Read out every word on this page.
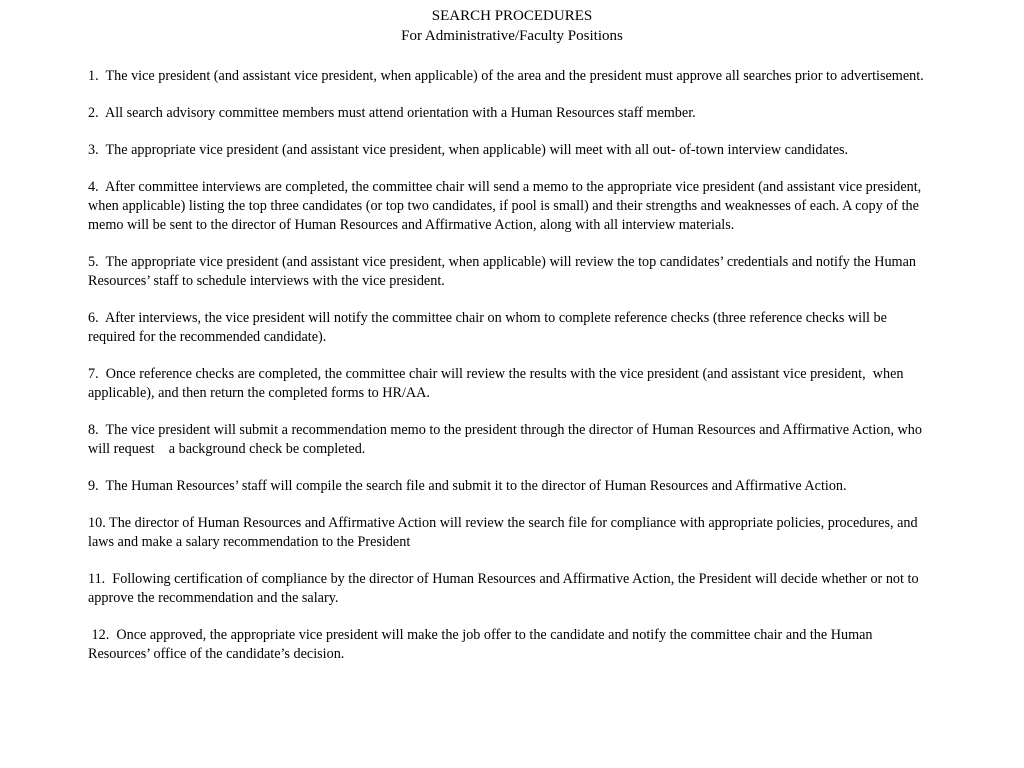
SEARCH PROCEDURES
For Administrative/Faculty Positions
1.  The vice president (and assistant vice president, when applicable) of the area and the president must approve all searches prior to advertisement.
2.  All search advisory committee members must attend orientation with a Human Resources staff member.
3.  The appropriate vice president (and assistant vice president, when applicable) will meet with all out- of-town interview candidates.
4.  After committee interviews are completed, the committee chair will send a memo to the appropriate vice president (and assistant vice president, when applicable) listing the top three candidates (or top two candidates, if pool is small) and their strengths and weaknesses of each. A copy of the memo will be sent to the director of Human Resources and Affirmative Action, along with all interview materials.
5.  The appropriate vice president (and assistant vice president, when applicable) will review the top candidates’ credentials and notify the Human Resources’ staff to schedule interviews with the vice president.
6.  After interviews, the vice president will notify the committee chair on whom to complete reference checks (three reference checks will be required for the recommended candidate).
7.  Once reference checks are completed, the committee chair will review the results with the vice president (and assistant vice president,  when applicable), and then return the completed forms to HR/AA.
8.  The vice president will submit a recommendation memo to the president through the director of Human Resources and Affirmative Action, who will request    a background check be completed.
9.  The Human Resources’ staff will compile the search file and submit it to the director of Human Resources and Affirmative Action.
10. The director of Human Resources and Affirmative Action will review the search file for compliance with appropriate policies, procedures, and laws and make a salary recommendation to the President
11.  Following certification of compliance by the director of Human Resources and Affirmative Action, the President will decide whether or not to approve the recommendation and the salary.
12.  Once approved, the appropriate vice president will make the job offer to the candidate and notify the committee chair and the Human Resources’ office of the candidate’s decision.
